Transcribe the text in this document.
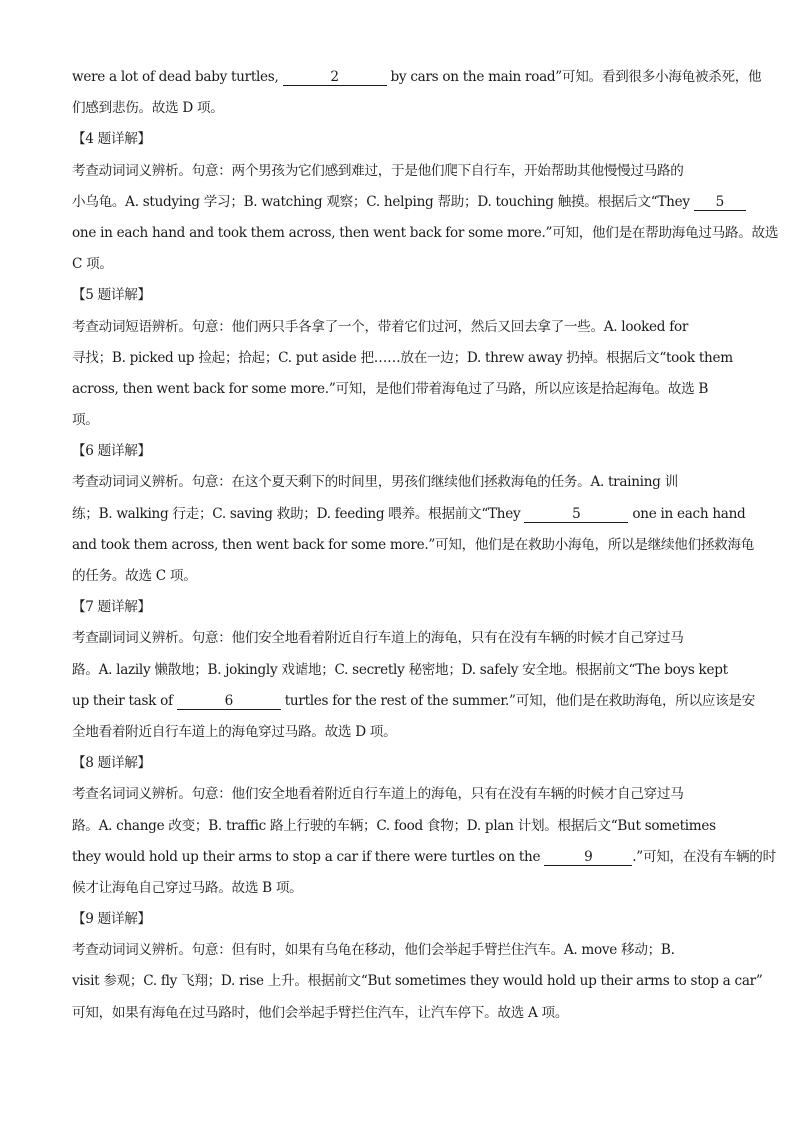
were a lot of dead baby turtles,	2	by cars on the main road”可知。看到很多小海龟被杀死，他
们感到悲伤。故选 D 项。
【4 题详解】
考查动词词义辨析。句意：两个男孩为它们感到难过，于是他们爬下自行车，开始帮助其他慢慢过马路的
小乌龟。A. studying 学习；B. watching 观察；C. helping 帮助；D. touching 触摸。根据后文“They 5
one in each hand and took them across, then went back for some more.”可知，他们是在帮助海龟过马路。故选
C 项。
【5 题详解】
考查动词短语辨析。句意：他们两只手各拿了一个，带着它们过河，然后又回去拿了一些。A. looked for
寻找；B. picked up 捡起；拾起；C. put aside 把……放在一边；D. threw away 扔掉。根据后文“took them
across, then went back for some more.”可知，是他们带着海龟过了马路，所以应该是拾起海龟。故选 B
项。
【6 题详解】
考查动词词义辨析。句意：在这个夏天剩下的时间里，男孩们继续他们拯救海龟的任务。A. training 训
练；B. walking 行走；C. saving 救助；D. feeding 喂养。根据前文“They	5	one in each hand
and took them across, then went back for some more.”可知，他们是在救助小海龟，所以是继续他们拯救海龟
的任务。故选 C 项。
【7 题详解】
考查副词词义辨析。句意：他们安全地看着附近自行车道上的海龟，只有在没有车辆的时候才自己穿过马
路。A. lazily 懒散地；B. jokingly 戏谑地；C. secretly 秘密地；D. safely 安全地。根据前文“The boys kept
up their task of	6	turtles for the rest of the summer.”可知，他们是在救助海龟，所以应该是安
全地看着附近自行车道上的海龟穿过马路。故选 D 项。
【8 题详解】
考查名词词义辨析。句意：他们安全地看着附近自行车道上的海龟，只有在没有车辆的时候才自己穿过马
路。A. change 改变；B. traffic 路上行驶的车辆；C. food 食物；D. plan 计划。根据后文“But sometimes
they would hold up their arms to stop a car if there were turtles on the	9	.”可知，在没有车辆的时
候才让海龟自己穿过马路。故选 B 项。
【9 题详解】
考查动词词义辨析。句意：但有时，如果有乌龟在移动，他们会举起手臂拦住汽车。A. move 移动；B.
visit 参观；C. fly 飞翔；D. rise 上升。根据前文“But sometimes they would hold up their arms to stop a car”
可知，如果有海龟在过马路时，他们会举起手臂拦住汽车，让汽车停下。故选 A 项。
